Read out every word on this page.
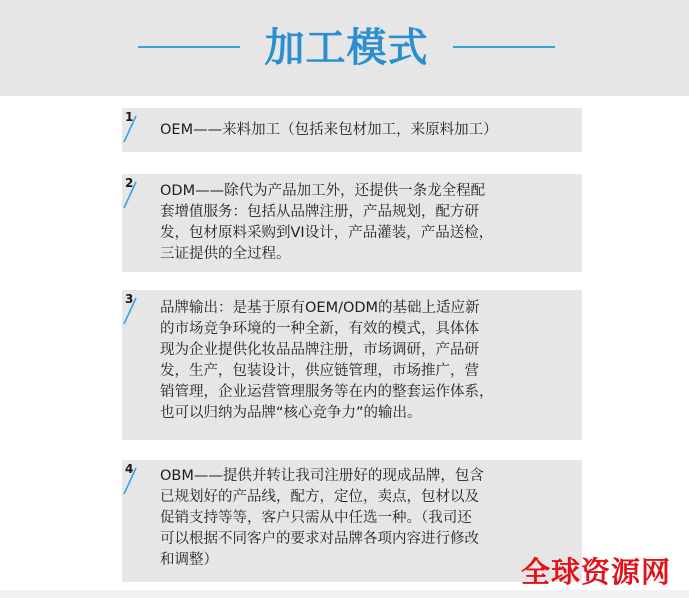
加工模式
1
OEM——来料加工（包括来包材加工，来原料加工）
2 ODM——除代为产品加工外，还提供一条龙全程配
套增值服务：包括从品牌注册，产品规划，配方研
发，包材原料采购到VI设计，产品灌装，产品送检，
三证提供的全过程。
3
品牌输出：是基于原有OEM/ODM的基础上适应新
的市场竞争环境的一种全新，有效的模式，具体体
现为企业提供化妆品品牌注册，市场调研，产品研
发，生产，包装设计，供应链管理，市场推广，营
销管理，企业运营管理服务等在内的整套运作体系，
也可以归纳为品牌“核心竞争力”的输出。
4 OBM——提供并转让我司注册好的现成品牌，包含
已规划好的产品线，配方，定位，卖点，包材以及
促销支持等等，客户只需从中任选一种。（我司还
可以根据不同客户的要求对品牌各项内容进行修改
和调整）	全球资源网
